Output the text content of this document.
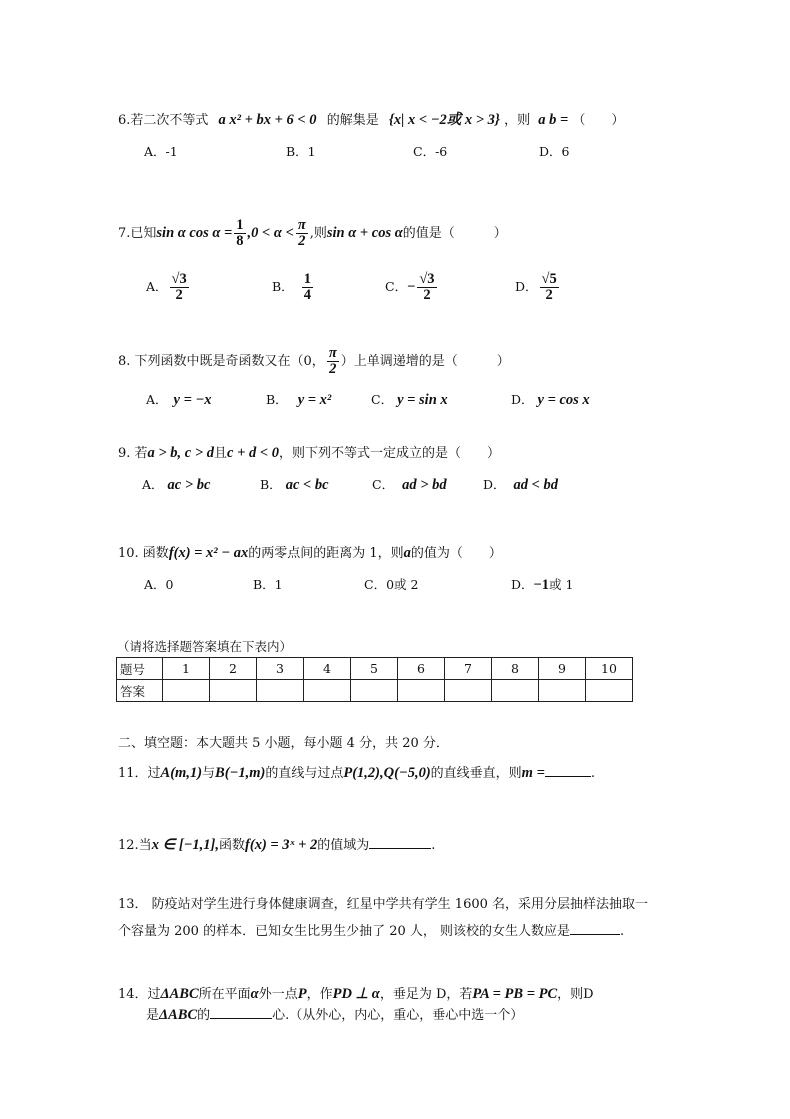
6.若二次不等式 a x² + bx + 6 < 0 的解集是 {x| x < −2或 x > 3} ，则 a b = （　　）
A．-1	B．1	C．-6	D．6
7.已知sin α $\cos \alpha = \frac{1}{8} ,0 < \alpha < \frac{\pi}{2}$ ,则sin α + cos α的值是（　　　）
A． $\frac{√3}{2}$	B． $\frac{1}{4}$	C．− $\frac{√3}{2}$	D． $\frac{√5}{2}$
8. 下列函数中既是奇函数又在（0， $\frac{\pi}{2}$ ）上单调递增的是（　　　）
A． y = −x	B． y = x²	C． y = sin x	D． y = cos x
9. 若a > b, c > d且c + d < 0，则下列不等式一定成立的是（　　）
A． ac > bc	B． ac < bc	C． ad > bd	D． ad < bd
10. 函数f(x) = x² − ax的两零点间的距离为 1，则a的值为（　　）
A．0	B．1	C．0或 2	D．−1或 1
（请将选择题答案填在下表内）
题号	1	2	3	4	5	6	7	8	9	10
答案										
二、填空题：本大题共 5 小题，每小题 4 分，共 20 分．
11．过A(m,1)与B(−1,m)的直线与过点P(1,2),Q(−5,0)的直线垂直，则m =	.
12.当x ∈ [−1,1],函数f(x) = 3ˣ + 2的值域为	.
13． 防疫站对学生进行身体健康调查，红星中学共有学生 1600 名，采用分层抽样法抽取一
个容量为 200 的样本．已知女生比男生少抽了 20 人， 则该校的女生人数应是	.
14．过ΔABC所在平面α外一点P，作PD ⊥ α，垂足为 D，若PA = PB = PC，则D
是ΔABC的	心.（从外心，内心，重心，垂心中选一个）
